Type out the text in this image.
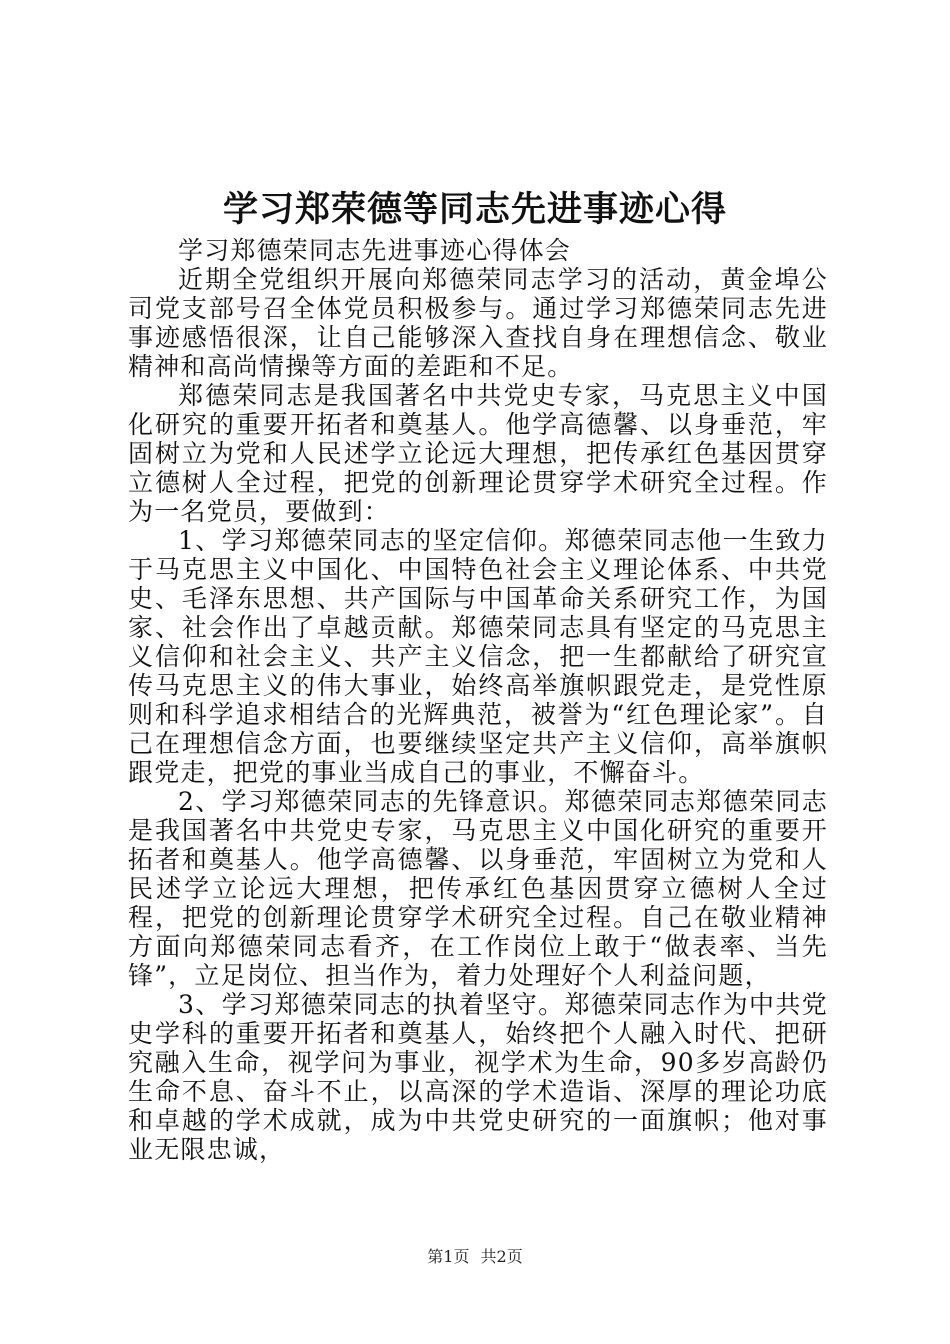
学习郑荣德等同志先进事迹心得

学习郑德荣同志先进事迹心得体会

近期全党组织开展向郑德荣同志学习的活动，黄金埠公司党支部号召全体党员积极参与。通过学习郑德荣同志先进事迹感悟很深，让自己能够深入查找自身在理想信念、敬业精神和高尚情操等方面的差距和不足。

郑德荣同志是我国著名中共党史专家，马克思主义中国化研究的重要开拓者和奠基人。他学高德馨、以身垂范，牢固树立为党和人民述学立论远大理想，把传承红色基因贯穿立德树人全过程，把党的创新理论贯穿学术研究全过程。作为一名党员，要做到：

1、学习郑德荣同志的坚定信仰。郑德荣同志他一生致力于马克思主义中国化、中国特色社会主义理论体系、中共党史、毛泽东思想、共产国际与中国革命关系研究工作，为国家、社会作出了卓越贡献。郑德荣同志具有坚定的马克思主义信仰和社会主义、共产主义信念，把一生都献给了研究宣传马克思主义的伟大事业，始终高举旗帜跟党走，是党性原则和科学追求相结合的光辉典范，被誉为“红色理论家”。自己在理想信念方面，也要继续坚定共产主义信仰，高举旗帜跟党走，把党的事业当成自己的事业，不懈奋斗。

2、学习郑德荣同志的先锋意识。郑德荣同志郑德荣同志是我国著名中共党史专家，马克思主义中国化研究的重要开拓者和奠基人。他学高德馨、以身垂范，牢固树立为党和人民述学立论远大理想，把传承红色基因贯穿立德树人全过程，把党的创新理论贯穿学术研究全过程。自己在敬业精神方面向郑德荣同志看齐，在工作岗位上敢于“做表率、当先锋”，立足岗位、担当作为，着力处理好个人利益问题，

3、学习郑德荣同志的执着坚守。郑德荣同志作为中共党史学科的重要开拓者和奠基人，始终把个人融入时代、把研究融入生命，视学问为事业，视学术为生命，90多岁高龄仍生命不息、奋斗不止，以高深的学术造诣、深厚的理论功底和卓越的学术成就，成为中共党史研究的一面旗帜；他对事业无限忠诚，

第1页 共2页
